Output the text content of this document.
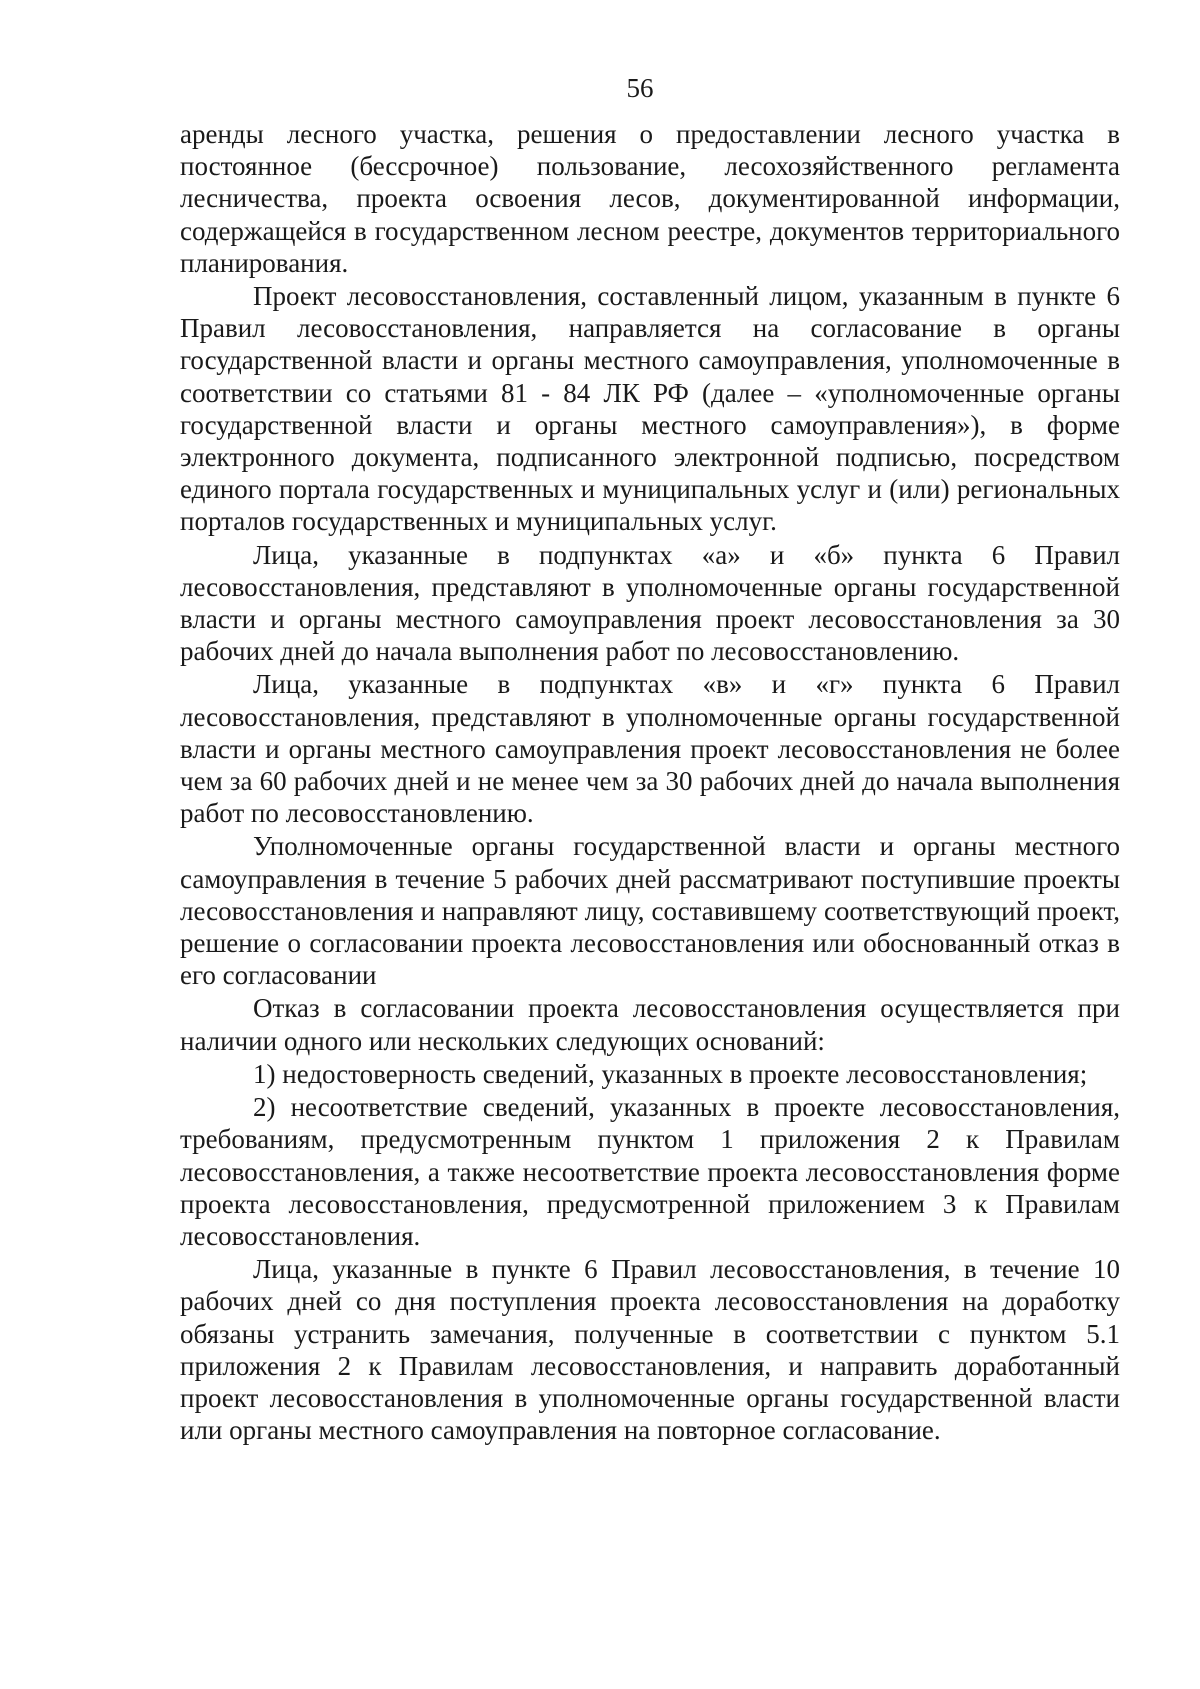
56

аренды лесного участка, решения о предоставлении лесного участка в постоянное (бессрочное) пользование, лесохозяйственного регламента лесничества, проекта освоения лесов, документированной информации, содержащейся в государственном лесном реестре, документов территориального планирования.

Проект лесовосстановления, составленный лицом, указанным в пункте 6 Правил лесовосстановления, направляется на согласование в органы государственной власти и органы местного самоуправления, уполномоченные в соответствии со статьями 81 - 84 ЛК РФ (далее – «уполномоченные органы государственной власти и органы местного самоуправления»), в форме электронного документа, подписанного электронной подписью, посредством единого портала государственных и муниципальных услуг и (или) региональных порталов государственных и муниципальных услуг.

Лица, указанные в подпунктах «а» и «б» пункта 6 Правил лесовосстановления, представляют в уполномоченные органы государственной власти и органы местного самоуправления проект лесовосстановления за 30 рабочих дней до начала выполнения работ по лесовосстановлению.

Лица, указанные в подпунктах «в» и «г» пункта 6 Правил лесовосстановления, представляют в уполномоченные органы государственной власти и органы местного самоуправления проект лесовосстановления не более чем за 60 рабочих дней и не менее чем за 30 рабочих дней до начала выполнения работ по лесовосстановлению.

Уполномоченные органы государственной власти и органы местного самоуправления в течение 5 рабочих дней рассматривают поступившие проекты лесовосстановления и направляют лицу, составившему соответствующий проект, решение о согласовании проекта лесовосстановления или обоснованный отказ в его согласовании

Отказ в согласовании проекта лесовосстановления осуществляется при наличии одного или нескольких следующих оснований:

1) недостоверность сведений, указанных в проекте лесовосстановления;

2) несоответствие сведений, указанных в проекте лесовосстановления, требованиям, предусмотренным пунктом 1 приложения 2 к Правилам лесовосстановления, а также несоответствие проекта лесовосстановления форме проекта лесовосстановления, предусмотренной приложением 3 к Правилам лесовосстановления.

Лица, указанные в пункте 6 Правил лесовосстановления, в течение 10 рабочих дней со дня поступления проекта лесовосстановления на доработку обязаны устранить замечания, полученные в соответствии с пунктом 5.1 приложения 2 к Правилам лесовосстановления, и направить доработанный проект лесовосстановления в уполномоченные органы государственной власти или органы местного самоуправления на повторное согласование.
